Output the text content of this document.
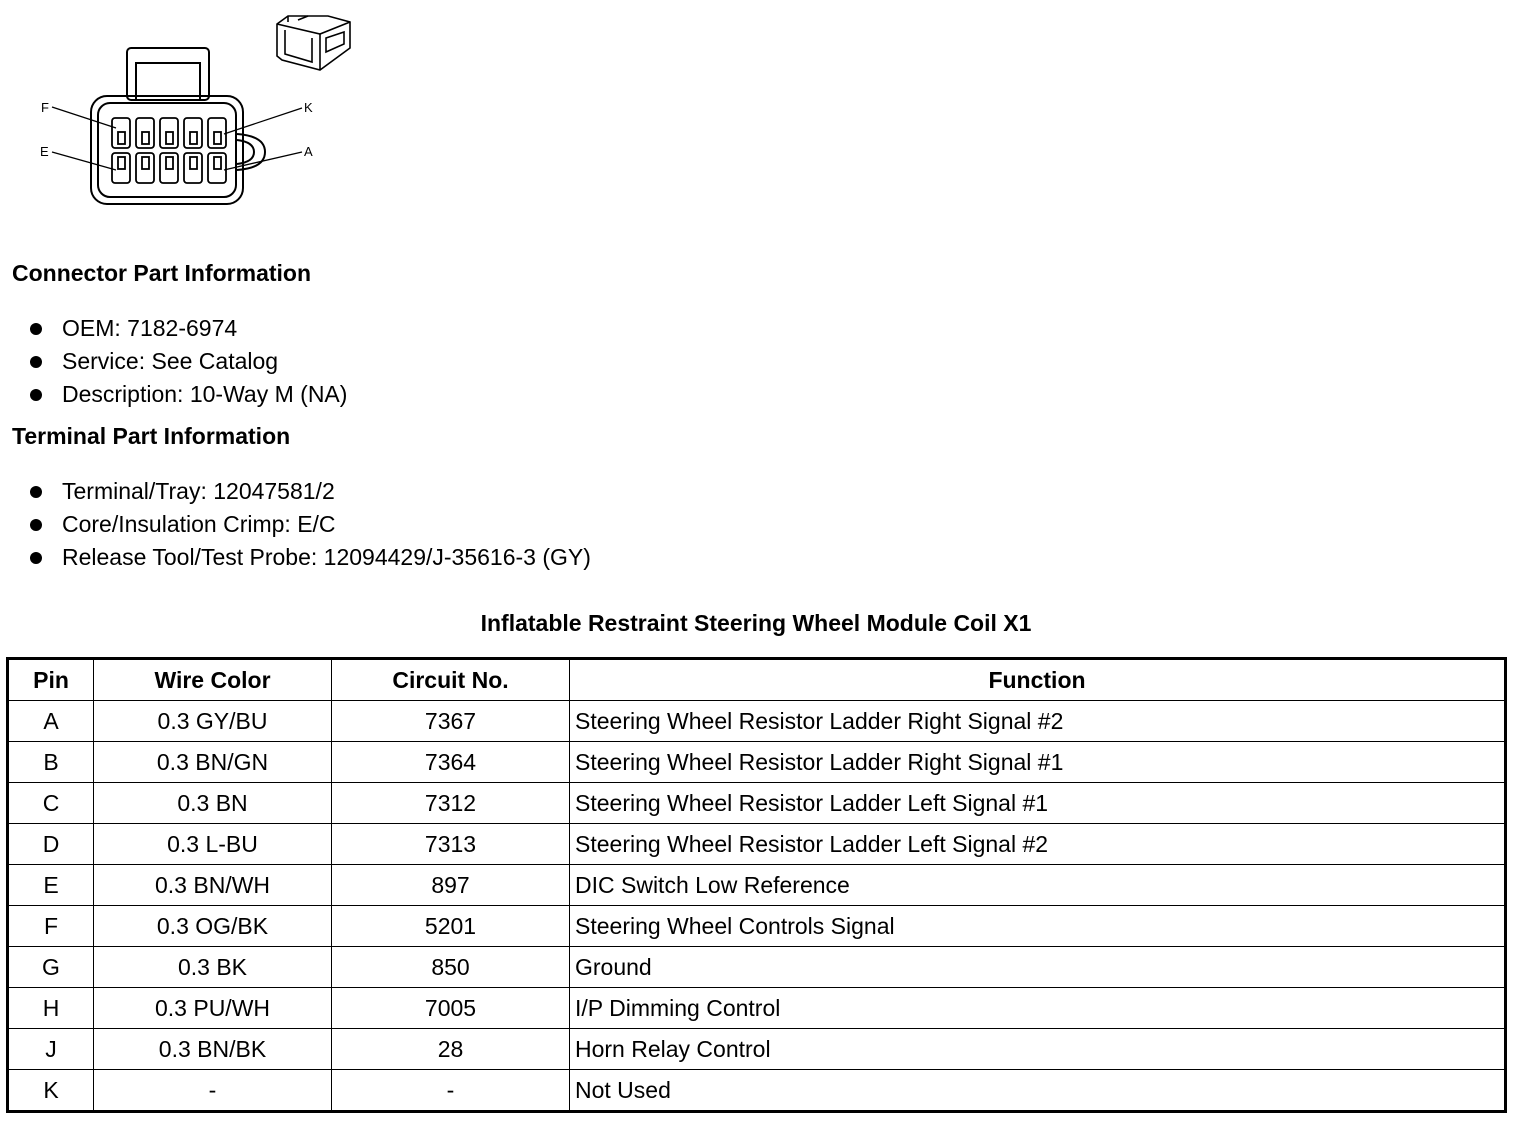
F
E
K
A
Connector Part Information
OEM: 7182-6974
Service: See Catalog
Description: 10-Way M (NA)
Terminal Part Information
Terminal/Tray: 12047581/2
Core/Insulation Crimp: E/C
Release Tool/Test Probe: 12094429/J-35616-3 (GY)
Inflatable Restraint Steering Wheel Module Coil X1
Pin	Wire Color	Circuit No.	Function
A	0.3 GY/BU	7367	Steering Wheel Resistor Ladder Right Signal #2
B	0.3 BN/GN	7364	Steering Wheel Resistor Ladder Right Signal #1
C	0.3 BN	7312	Steering Wheel Resistor Ladder Left Signal #1
D	0.3 L-BU	7313	Steering Wheel Resistor Ladder Left Signal #2
E	0.3 BN/WH	897	DIC Switch Low Reference
F	0.3 OG/BK	5201	Steering Wheel Controls Signal
G	0.3 BK	850	Ground
H	0.3 PU/WH	7005	I/P Dimming Control
J	0.3 BN/BK	28	Horn Relay Control
K	-	-	Not Used
